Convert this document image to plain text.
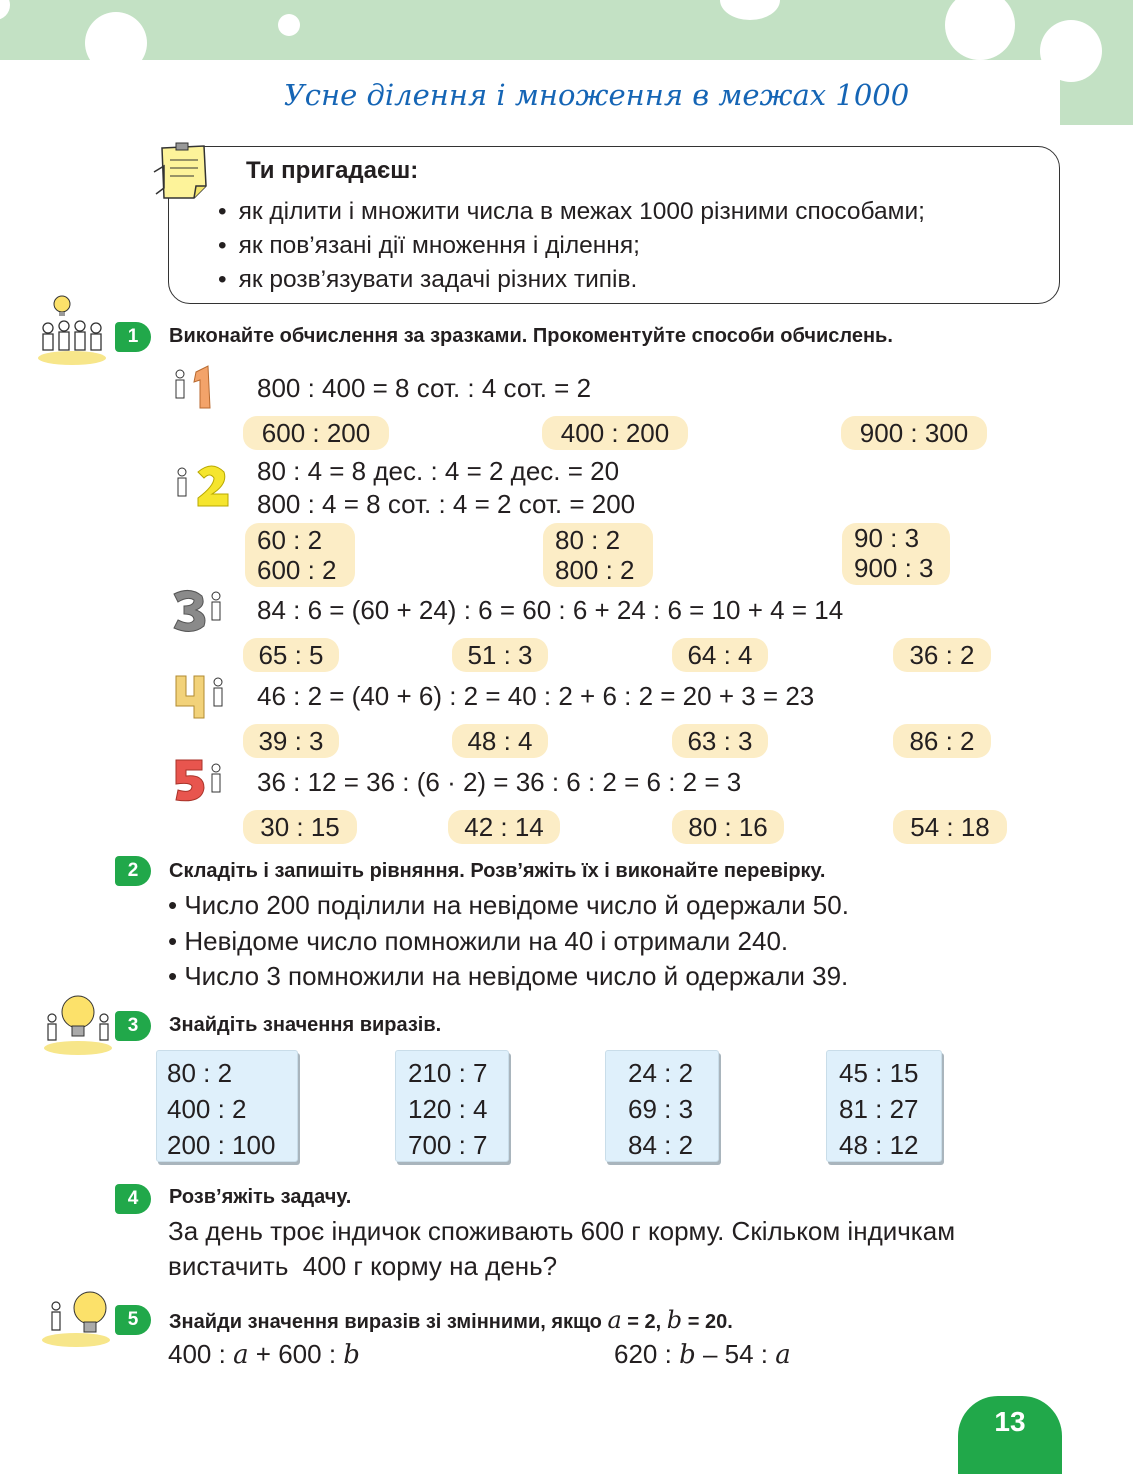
Усне ділення і множення в межах 1000
Ти пригадаєш:
• як ділити і множити числа в межах 1000 різними способами;
• як пов’язані дії множення і ділення;
• як розв’язувати задачі різних типів.
1	Виконайте обчислення за зразками. Прокоментуйте способи обчислень.
800 : 400 = 8 сот. : 4 сот. = 2
600 : 200	400 : 200	900 : 300
80 : 4 = 8 дес. : 4 = 2 дес. = 20
800 : 4 = 8 сот. : 4 = 2 сот. = 200
60 : 2
600 : 2
80 : 2
800 : 2
90 : 3
900 : 3
84 : 6 = (60 + 24) : 6 = 60 : 6 + 24 : 6 = 10 + 4 = 14
65 : 5	51 : 3	64 : 4	36 : 2
46 : 2 = (40 + 6) : 2 = 40 : 2 + 6 : 2 = 20 + 3 = 23
39 : 3	48 : 4	63 : 3	86 : 2
36 : 12 = 36 : (6 · 2) = 36 : 6 : 2 = 6 : 2 = 3
30 : 15	42 : 14	80 : 16	54 : 18
2	Складіть і запишіть рівняння. Розв’яжіть їх і виконайте перевірку.
• Число 200 поділили на невідоме число й одержали 50.
• Невідоме число помножили на 40 і отримали 240.
• Число 3 помножили на невідоме число й одержали 39.
3	Знайдіть значення виразів.
80 : 2
400 : 2
200 : 100
210 : 7
120 : 4
700 : 7
24 : 2
69 : 3
84 : 2
45 : 15
81 : 27
48 : 12
4	Розв’яжіть задачу.
За день троє індичок споживають 600 г корму. Скільком індичкам
вистачить  400 г корму на день?
5	Знайди значення виразів зі змінними, якщо a = 2, b = 20.
400 : a + 600 : b	620 : b – 54 : a
13
